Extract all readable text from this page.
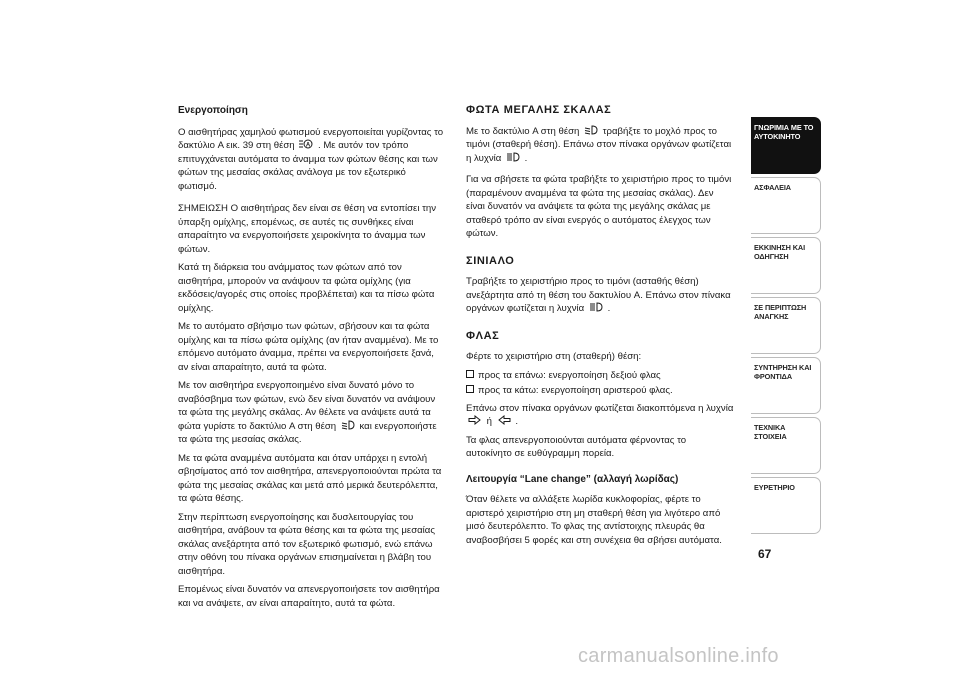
Ενεργοποίηση

Ο αισθητήρας χαμηλού φωτισμού ενεργοποιείται γυρίζοντας το δακτύλιο A εικ. 39 στη θέση A . Με αυτόν τον τρόπο επιτυγχάνεται αυτόματα το άναμμα των φώτων θέσης και των φώτων της μεσαίας σκάλας ανάλογα με τον εξωτερικό φωτισμό.

ΣΗΜΕΙΩΣΗ Ο αισθητήρας δεν είναι σε θέση να εντοπίσει την ύπαρξη ομίχλης, επομένως, σε αυτές τις συνθήκες είναι απαραίτητο να ενεργοποιήσετε χειροκίνητα το άναμμα των φώτων.

Κατά τη διάρκεια του ανάμματος των φώτων από τον αισθητήρα, μπορούν να ανάψουν τα φώτα ομίχλης (για εκδόσεις/αγορές στις οποίες προβλέπεται) και τα πίσω φώτα ομίχλης.

Με το αυτόματο σβήσιμο των φώτων, σβήσουν και τα φώτα ομίχλης και τα πίσω φώτα ομίχλης (αν ήταν αναμμένα). Με το επόμενο αυτόματο άναμμα, πρέπει να ενεργοποιήσετε ξανά, αν είναι απαραίτητο, αυτά τα φώτα.

Με τον αισθητήρα ενεργοποιημένο είναι δυνατό μόνο το αναβόσβημα των φώτων, ενώ δεν είναι δυνατόν να ανάψουν τα φώτα της μεγάλης σκάλας. Αν θέλετε να ανάψετε αυτά τα φώτα γυρίστε το δακτύλιο A στη θέση και ενεργοποιήστε τα φώτα της μεσαίας σκάλας.

Με τα φώτα αναμμένα αυτόματα και όταν υπάρχει η εντολή σβησίματος από τον αισθητήρα, απενεργοποιούνται πρώτα τα φώτα της μεσαίας σκάλας και μετά από μερικά δευτερόλεπτα, τα φώτα θέσης.

Στην περίπτωση ενεργοποίησης και δυσλειτουργίας του αισθητήρα, ανάβουν τα φώτα θέσης και τα φώτα της μεσαίας σκάλας ανεξάρτητα από τον εξωτερικό φωτισμό, ενώ επάνω στην οθόνη του πίνακα οργάνων επισημαίνεται η βλάβη του αισθητήρα.

Επομένως είναι δυνατόν να απενεργοποιήσετε τον αισθητήρα και να ανάψετε, αν είναι απαραίτητο, αυτά τα φώτα.

ΦΩΤΑ ΜΕΓΑΛΗΣ ΣΚΑΛΑΣ

Με το δακτύλιο A στη θέση τραβήξτε το μοχλό προς το τιμόνι (σταθερή θέση). Επάνω στον πίνακα οργάνων φωτίζεται η λυχνία .

Για να σβήσετε τα φώτα τραβήξτε το χειριστήριο προς το τιμόνι (παραμένουν αναμμένα τα φώτα της μεσαίας σκάλας). Δεν είναι δυνατόν να ανάψετε τα φώτα της μεγάλης σκάλας με σταθερό τρόπο αν είναι ενεργός ο αυτόματος έλεγχος των φώτων.

ΣΙΝΙΑΛΟ

Τραβήξτε το χειριστήριο προς το τιμόνι (ασταθής θέση) ανεξάρτητα από τη θέση του δακτυλίου A. Επάνω στον πίνακα οργάνων φωτίζεται η λυχνία .

ΦΛΑΣ

Φέρτε το χειριστήριο στη (σταθερή) θέση:

προς τα επάνω: ενεργοποίηση δεξιού φλας

προς τα κάτω: ενεργοποίηση αριστερού φλας.

Επάνω στον πίνακα οργάνων φωτίζεται διακοπτόμενα η λυχνία  ή .

Τα φλας απενεργοποιούνται αυτόματα φέρνοντας το αυτοκίνητο σε ευθύγραμμη πορεία.

Λειτουργία “Lane change” (αλλαγή λωρίδας)

Όταν θέλετε να αλλάξετε λωρίδα κυκλοφορίας, φέρτε το αριστερό χειριστήριο στη μη σταθερή θέση για λιγότερο από μισό δευτερόλεπτο. Το φλας της αντίστοιχης πλευράς θα αναβοσβήσει 5 φορές και στη συνέχεια θα σβήσει αυτόματα.

ΓΝΩΡΙΜΙΑ ΜΕ ΤΟ
ΑΥΤΟΚΙΝΗΤΟ
ΑΣΦΑΛΕΙΑ
ΕΚΚΙΝΗΣΗ ΚΑΙ
ΟΔΗΓΗΣΗ
ΣΕ ΠΕΡΙΠΤΩΣΗ
ΑΝΑΓΚΗΣ
ΣΥΝΤΗΡΗΣΗ ΚΑΙ
ΦΡΟΝΤΙΔΑ
ΤΕΧΝΙΚΑ ΣΤΟΙΧΕΙΑ
ΕΥΡΕΤΗΡΙΟ
67
carmanualsonline.info
